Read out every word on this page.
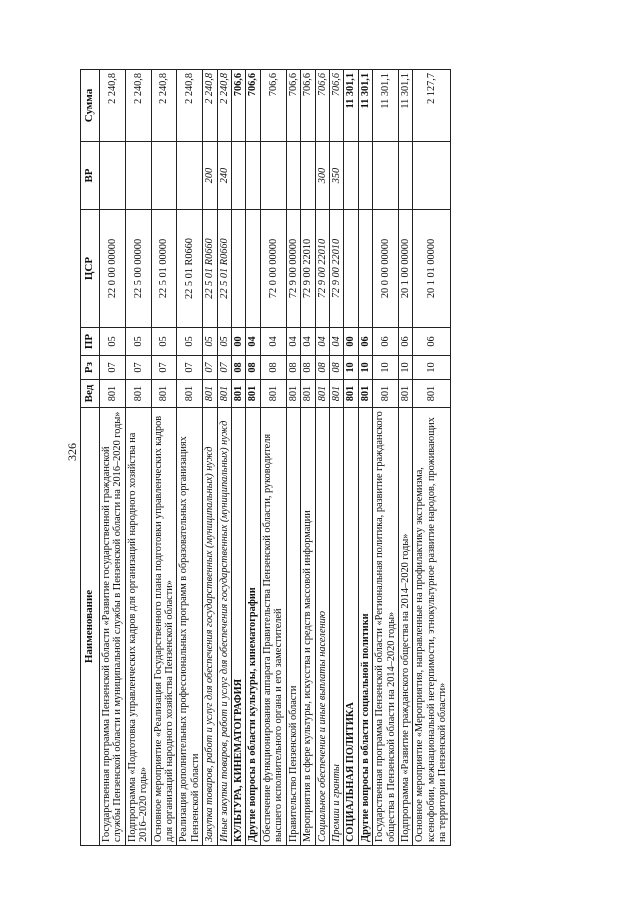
326
Наименование	Вед	Рз	ПР	ЦСР	ВР	Сумма
Государственная программа Пензенской области «Развитие государственной гражданской службы Пензенской области и муниципальной службы в Пензенской области на 2016–2020 годы»	801	07	05	22 0 00 00000		2 240,8
Подпрограмма «Подготовка управленческих кадров для организаций народного хозяйства на 2016–2020 годы»	801	07	05	22 5 00 00000		2 240,8
Основное мероприятие «Реализация Государственного плана подготовки управленческих кадров для организаций народного хозяйства Пензенской области»	801	07	05	22 5 01 00000		2 240,8
Реализация дополнительных профессиональных программ в образовательных организациях Пензенской области	801	07	05	22 5 01 R0660		2 240,8
Закупка товаров, работ и услуг для обеспечения государственных (муниципальных) нужд	801	07	05	22 5 01 R0660	200	2 240,8
Иные закупки товаров, работ и услуг для обеспечения государственных (муниципальных) нужд	801	07	05	22 5 01 R0660	240	2 240,8
КУЛЬТУРА, КИНЕМАТОГРАФИЯ	801	08	00			706,6
Другие вопросы в области культуры, кинематографии	801	08	04			706,6
Обеспечение функционирования аппарата Правительства Пензенской области, руководителя высшего исполнительного органа и его заместителей	801	08	04	72 0 00 00000		706,6
Правительство Пензенской области	801	08	04	72 9 00 00000		706,6
Мероприятия в сфере культуры, искусства и средств массовой информации	801	08	04	72 9 00 22010		706,6
Социальное обеспечение и иные выплаты населению	801	08	04	72 9 00 22010	300	706,6
Премии и гранты	801	08	04	72 9 00 22010	350	706,6
СОЦИАЛЬНАЯ ПОЛИТИКА	801	10	00			11 301,1
Другие вопросы в области социальной политики	801	10	06			11 301,1
Государственная программа Пензенской области «Региональная политика, развитие гражданского общества в Пензенской области на 2014–2020 годы»	801	10	06	20 0 00 00000		11 301,1
Подпрограмма «Развитие гражданского общества на 2014–2020 годы»	801	10	06	20 1 00 00000		11 301,1
Основное мероприятие «Мероприятия, направленные на профилактику экстремизма, ксенофобии, межнациональной нетерпимости, этнокультурное развитие народов, проживающих на территории Пензенской области»	801	10	06	20 1 01 00000		2 127,7
